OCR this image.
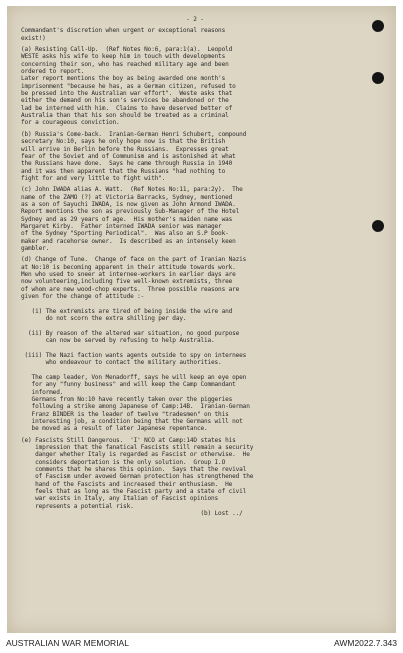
- 2 -
Commandant's discretion when urgent or exceptional reasons
exist!)
(a) Resisting Call-Up.  (Ref Notes No:6, para:1(a).  Leopold
WESTE asks his wife to keep him in touch with developments
concerning their son, who has reached military age and been
ordered to report.
Later report mentions the boy as being awarded one month's
imprisonment "because he has, as a German citizen, refused to
be pressed into the Australian war effort".  Weste asks that
either the demand on his son's services be abandoned or the
lad be interned with him.  Claims to have deserved better of
Australia than that his son should be treated as a criminal
for a courageous conviction.
(b) Russia's Come-back.  Iranian-German Henri Schubert, compound
secretary No:10, says he only hope now is that the British
will arrive in Berlin before the Russians.  Expresses great
fear of the Soviet and of Communism and is astonished at what
the Russians have done.  Says he came through Russia in 1940
and it was then apparent that the Russians "had nothing to
fight for and very little to fight with".
(c) John IWADA alias A. Watt.  (Ref Notes No:11, para:2y).  The
name of the ZAMO (?) at Victoria Barracks, Sydney, mentioned
as a son of Sayuchi IWADA, is now given as John Armond IWADA.
Report mentions the son as previously Sub-Manager of the Hotel
Sydney and as 29 years of age.  His mother's maiden name was
Margaret Kirby.  Father interned IWADA senior was manager
of the Sydney "Sporting Periodical".  Was also an S.P book-
maker and racehorse owner.  Is described as an intensely keen
gambler.
(d) Change of Tune.  Change of face on the part of Iranian Nazis
at No:10 is becoming apparent in their attitude towards work.
Men who used to sneer at internee-workers in earlier days are
now volunteering,including five well-known extremists, three
of whom are new wood-chop experts.  Three possible reasons are
given for the change of attitude :-

(i) The extremists are tired of being inside the wire and
do not scorn the extra shilling per day.

(ii) By reason of the altered war situation, no good purpose
can now be served by refusing to help Australia.

(iii) The Nazi faction wants agents outside to spy on internees
who endeavour to contact the military authorities.

The camp leader, Von Menadorff, says he will keep an eye open
for any "funny business" and will keep the Camp Commandant
informed.
Germans from No:10 have recently taken over the piggeries
following a strike among Japanese of Camp:14B.  Iranian-German
Franz BINDER is the leader of twelve "tradesmen" on this
interesting job, a condition being that the Germans will not
be moved as a result of later Japanese repentance.
(e) Fascists Still Dangerous.  'I' NCO at Camp:14D states his
impression that the fanatical Fascists still remain a security
danger whether Italy is regarded as Fascist or otherwise.  He
considers deportation is the only solution.  Group I.O
comments that he shares this opinion.  Says that the revival
of Fascism under avowed German protection has strengthened the
hand of the Fascists and increased their enthusiasm.  He
feels that as long as the Fascist party and a state of civil
war exists in Italy, any Italian of Fascist opinions
represents a potential risk.
(b) Lost ../
AUSTRALIAN WAR MEMORIAL	AWM2022.7.343
